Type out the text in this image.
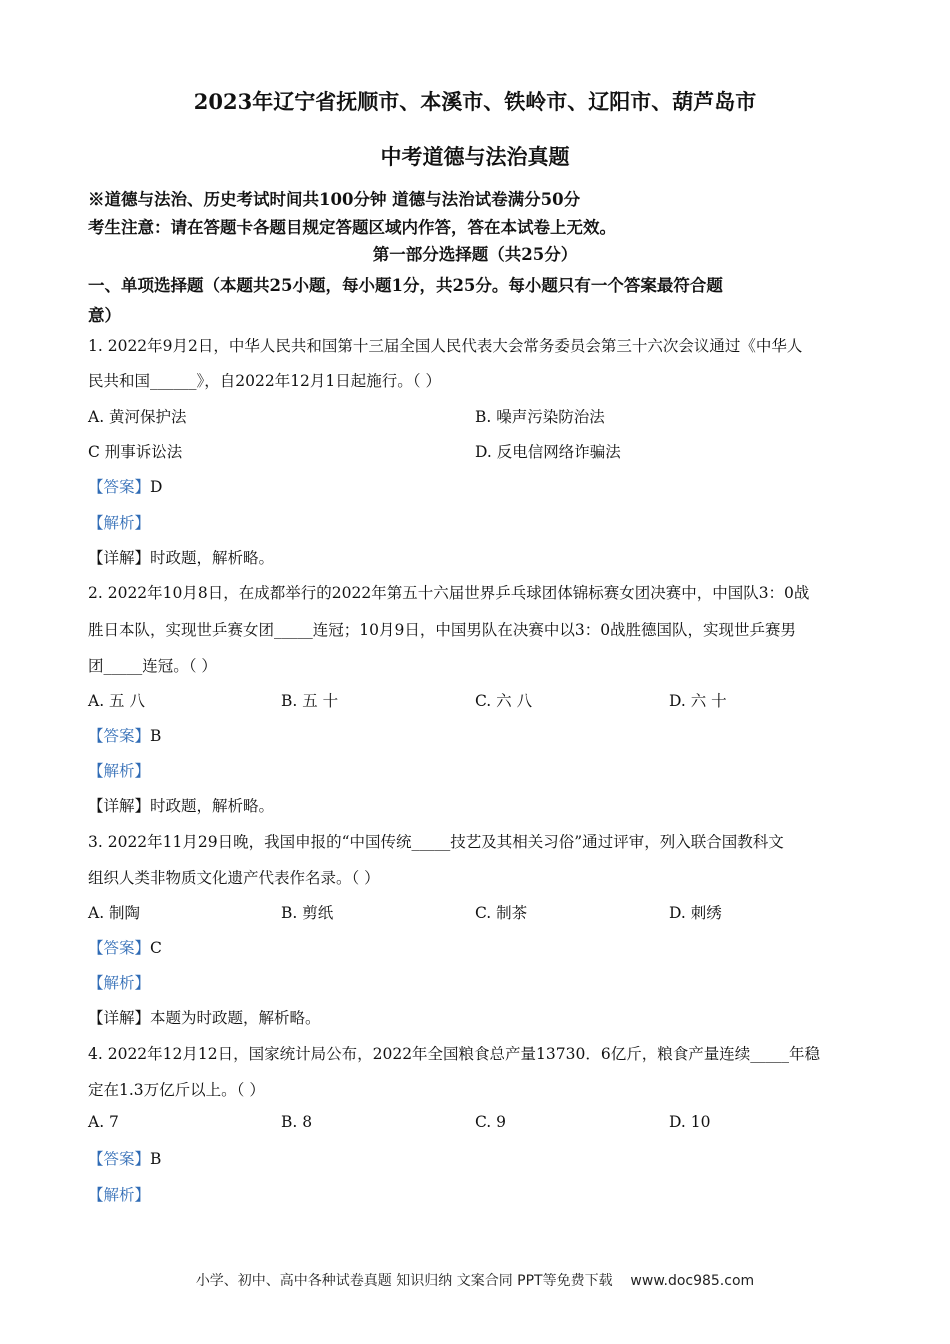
2023年辽宁省抚顺市、本溪市、铁岭市、辽阳市、葫芦岛市
中考道德与法治真题
※道德与法治、历史考试时间共100分钟 道德与法治试卷满分50分
考生注意：请在答题卡各题目规定答题区域内作答，答在本试卷上无效。
第一部分选择题（共25分）
一、单项选择题（本题共25小题，每小题1分，共25分。每小题只有一个答案最符合题
意）
1. 2022年9月2日，中华人民共和国第十三届全国人民代表大会常务委员会第三十六次会议通过《中华人
民共和国______》，自2022年12月1日起施行。（ ）
A. 黄河保护法	B. 噪声污染防治法
C 刑事诉讼法	D. 反电信网络诈骗法
【答案】D
【解析】
【详解】时政题，解析略。
2. 2022年10月8日，在成都举行的2022年第五十六届世界乒乓球团体锦标赛女团决赛中，中国队3：0战
胜日本队，实现世乒赛女团_____连冠；10月9日，中国男队在决赛中以3：0战胜德国队，实现世乒赛男
团_____连冠。（ ）
A. 五 八	B. 五 十	C. 六 八	D. 六 十
【答案】B
【解析】
【详解】时政题，解析略。
3. 2022年11月29日晚，我国申报的“中国传统_____技艺及其相关习俗”通过评审，列入联合国教科文
组织人类非物质文化遗产代表作名录。（ ）
A. 制陶	B. 剪纸	C. 制茶	D. 刺绣
【答案】C
【解析】
【详解】本题为时政题，解析略。
4. 2022年12月12日，国家统计局公布，2022年全国粮食总产量13730．6亿斤，粮食产量连续_____年稳
定在1.3万亿斤以上。（ ）
A. 7	B. 8	C. 9	D. 10
【答案】B
【解析】
小学、初中、高中各种试卷真题 知识归纳 文案合同 PPT等免费下载 www.doc985.com
